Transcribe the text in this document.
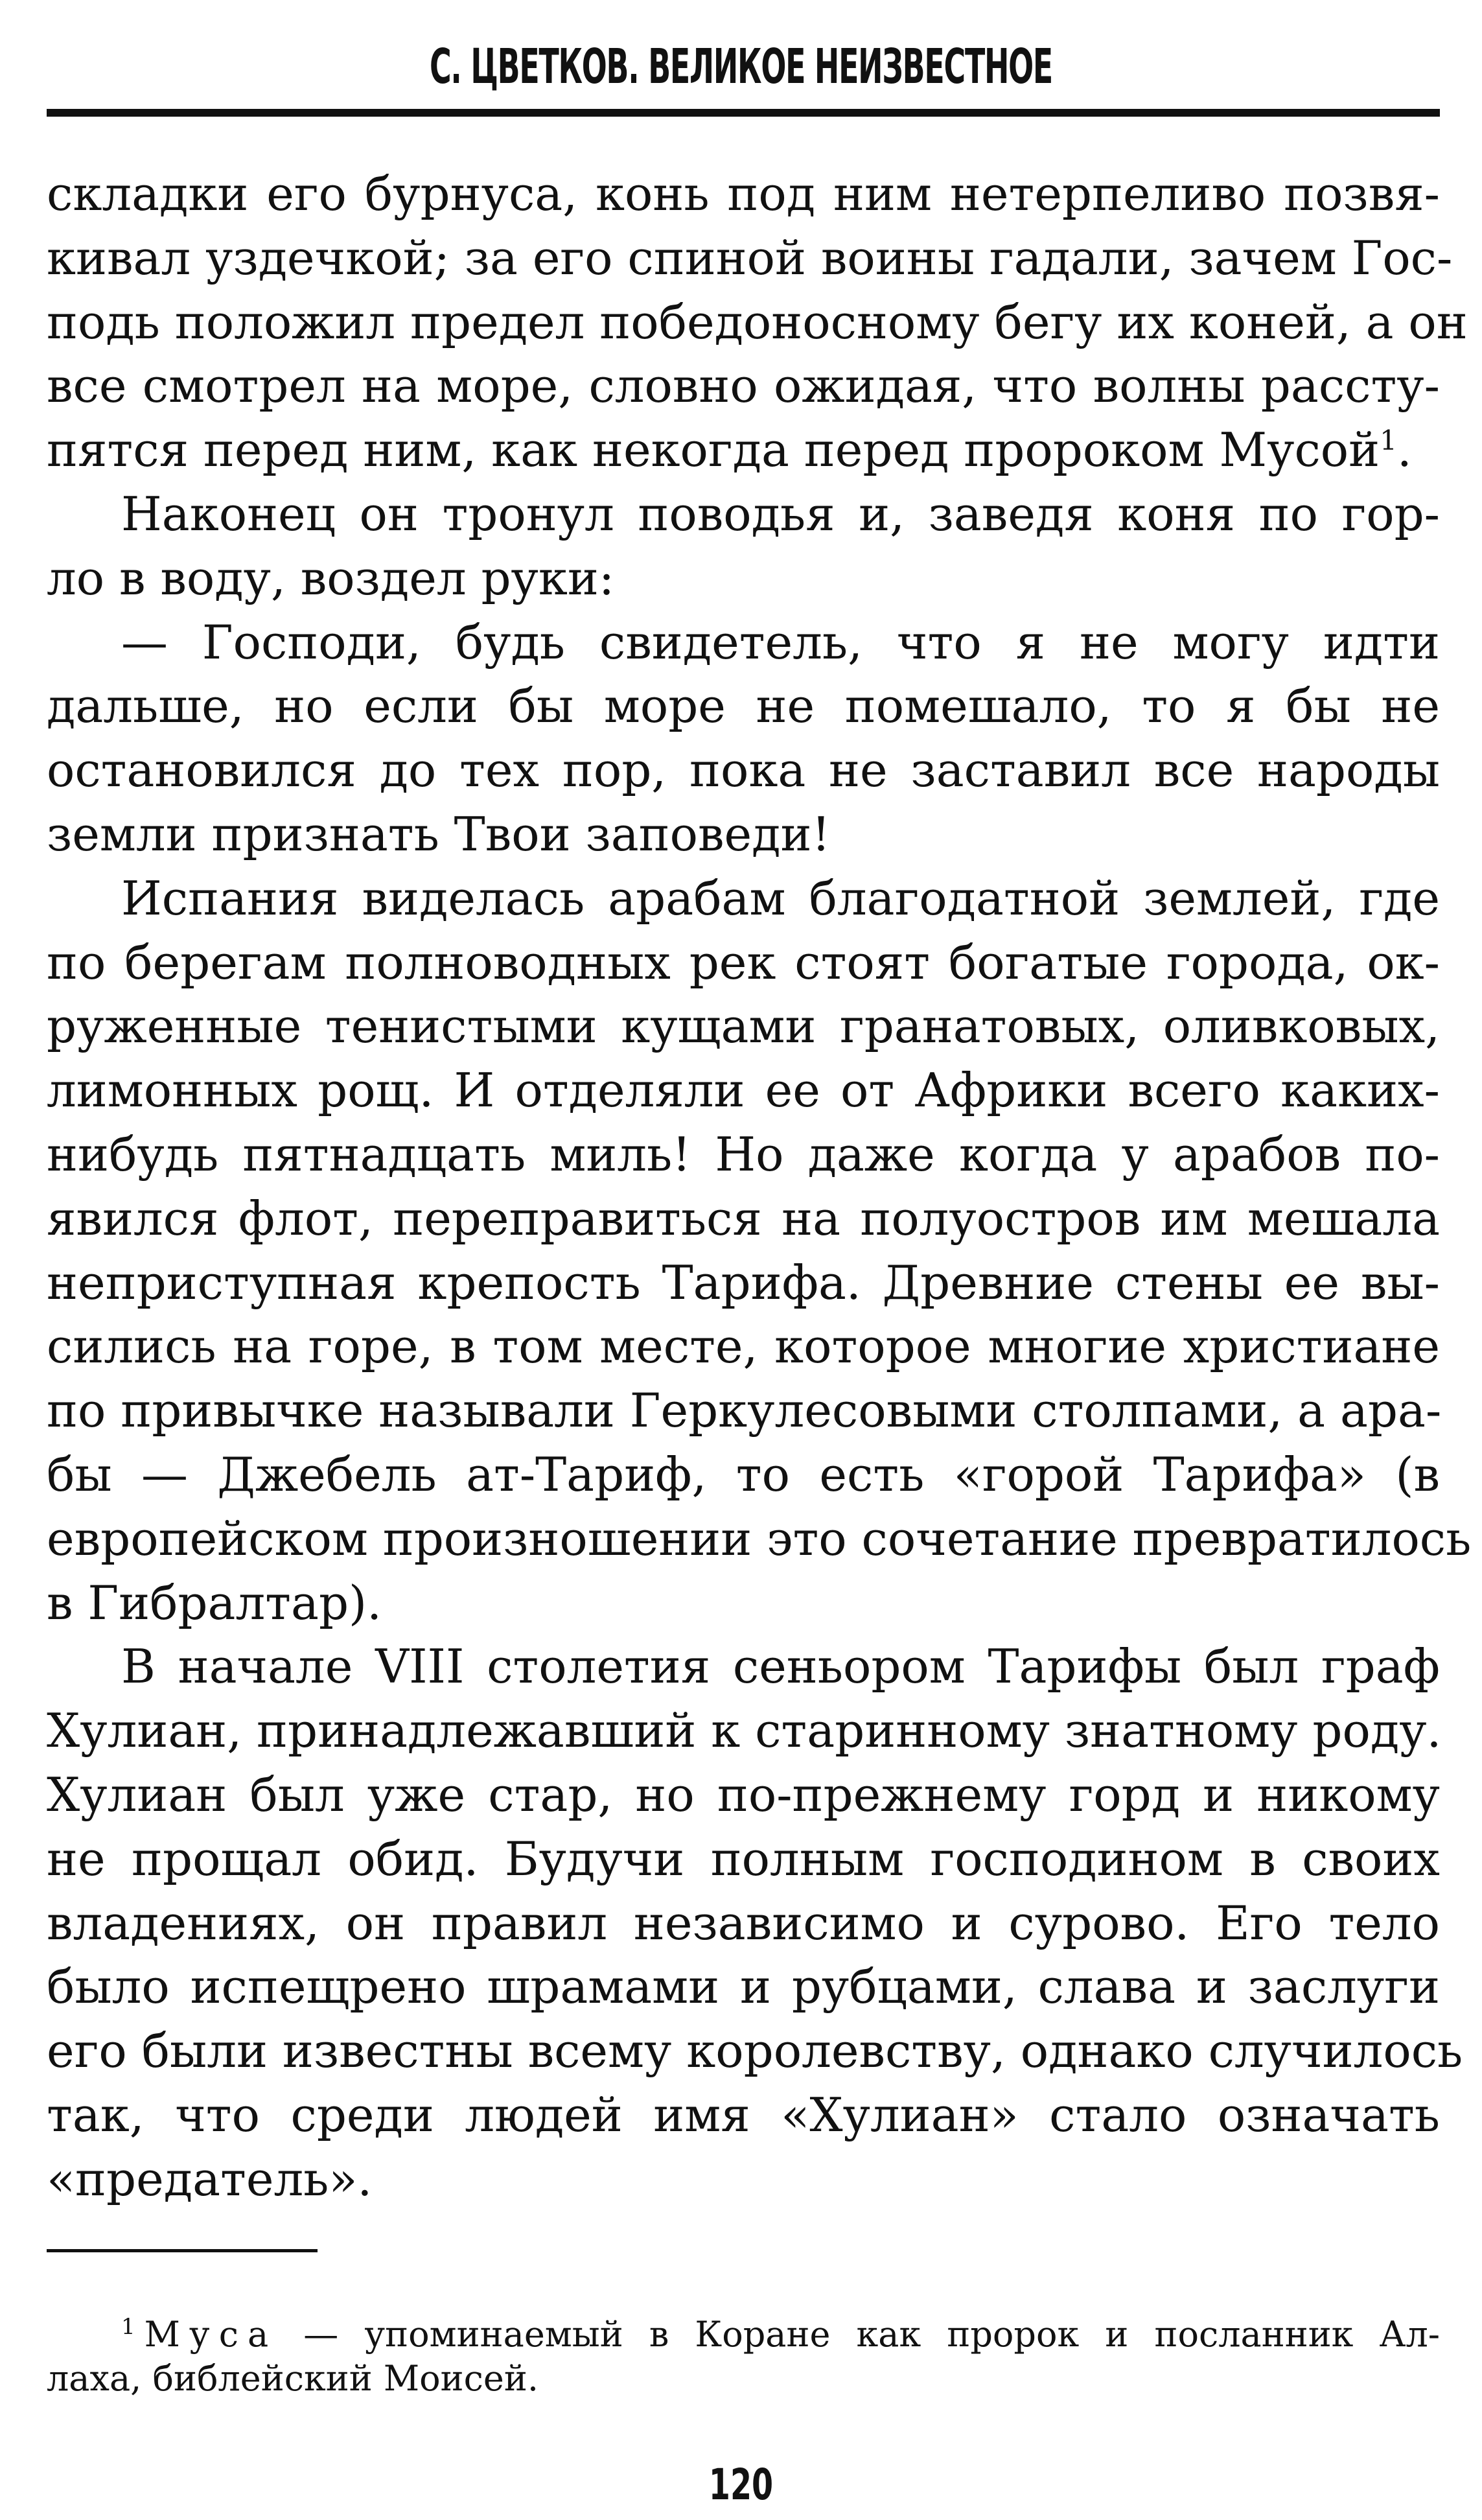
С. ЦВЕТКОВ. ВЕЛИКОЕ НЕИЗВЕСТНОЕ
складки его бурнуса, конь под ним нетерпеливо позвя-
кивал уздечкой; за его спиной воины гадали, зачем Гос-
подь положил предел победоносному бегу их коней, а он
все смотрел на море, словно ожидая, что волны рассту-
пятся перед ним, как некогда перед пророком Мусой$^1$.
Наконец он тронул поводья и, заведя коня по гор-
ло в воду, воздел руки:
— Господи, будь свидетель, что я не могу идти
дальше, но если бы море не помешало, то я бы не
остановился до тех пор, пока не заставил все народы
земли признать Твои заповеди!
Испания виделась арабам благодатной землей, где
по берегам полноводных рек стоят богатые города, ок-
руженные тенистыми кущами гранатовых, оливковых,
лимонных рощ. И отделяли ее от Африки всего каких-
нибудь пятнадцать миль! Но даже когда у арабов по-
явился флот, переправиться на полуостров им мешала
неприступная крепость Тарифа. Древние стены ее вы-
сились на горе, в том месте, которое многие христиане
по привычке называли Геркулесовыми столпами, а ара-
бы — Джебель ат-Тариф, то есть «горой Тарифа» (в
европейском произношении это сочетание превратилось
в Гибралтар).
В начале VIII столетия сеньором Тарифы был граф
Хулиан, принадлежавший к старинному знатному роду.
Хулиан был уже стар, но по-прежнему горд и никому
не прощал обид. Будучи полным господином в своих
владениях, он правил независимо и сурово. Его тело
было испещрено шрамами и рубцами, слава и заслуги
его были известны всему королевству, однако случилось
так, что среди людей имя «Хулиан» стало означать
«предатель».
$^1$ Муса — упоминаемый в Коране как пророк и посланник Ал-
лаха, библейский Моисей.
120
